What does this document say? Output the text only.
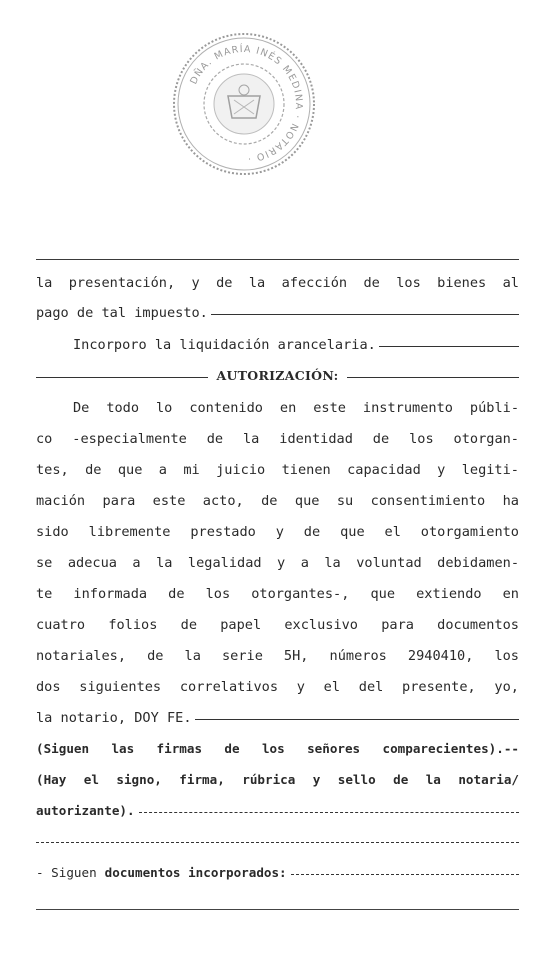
DÑA. MARÍA INÉS MEDINA · NOTARIO ·
la presentación, y de la afección de los bienes al
pago de tal impuesto.
Incorporo la liquidación arancelaria.
AUTORIZACIÓN:
De todo lo contenido en este instrumento públi-
co -especialmente de la identidad de los otorgan-
tes, de que a mi juicio tienen capacidad y legiti-
mación para este acto, de que su consentimiento ha
sido libremente prestado y de que el otorgamiento
se adecua a la legalidad y a la voluntad debidamen-
te informada de los otorgantes-, que extiendo en
cuatro folios de papel exclusivo para documentos
notariales, de la serie 5H, números 2940410, los
dos siguientes correlativos y el del presente, yo,
la notario, DOY FE.
(Siguen las firmas de los señores comparecientes).--
(Hay el signo, firma, rúbrica y sello de la notaria/
autorizante).
- Siguen documentos incorporados:
